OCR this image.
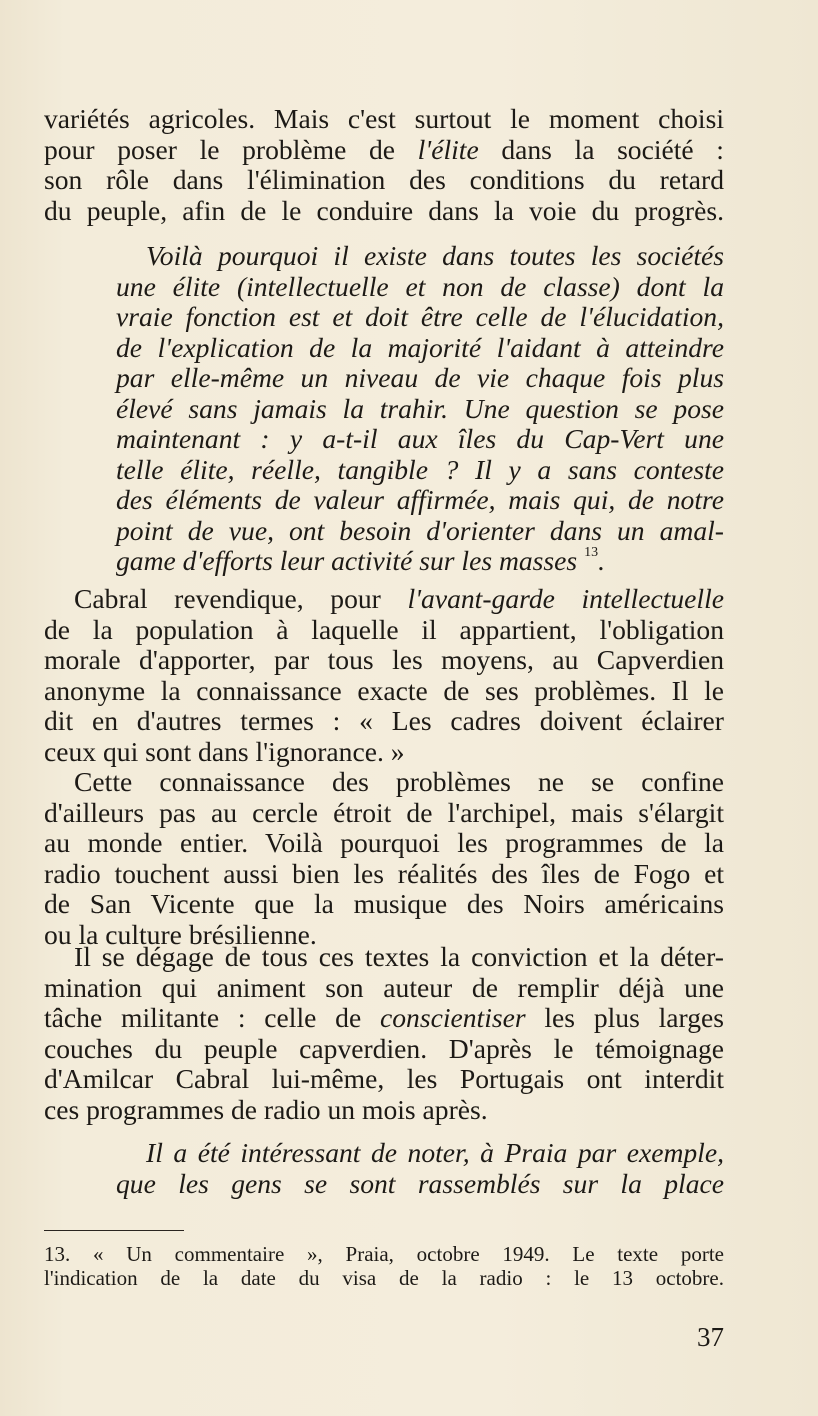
variétés agricoles. Mais c'est surtout le moment choisi
pour poser le problème de l'élite dans la société :
son rôle dans l'élimination des conditions du retard
du peuple, afin de le conduire dans la voie du progrès.
Voilà pourquoi il existe dans toutes les sociétés
une élite (intellectuelle et non de classe) dont la
vraie fonction est et doit être celle de l'élucidation,
de l'explication de la majorité l'aidant à atteindre
par elle-même un niveau de vie chaque fois plus
élevé sans jamais la trahir. Une question se pose
maintenant : y a-t-il aux îles du Cap-Vert une
telle élite, réelle, tangible ? Il y a sans conteste
des éléments de valeur affirmée, mais qui, de notre
point de vue, ont besoin d'orienter dans un amal-
game d'efforts leur activité sur les masses $^{13}$.
Cabral revendique, pour l'avant-garde intellectuelle
de la population à laquelle il appartient, l'obligation
morale d'apporter, par tous les moyens, au Capverdien
anonyme la connaissance exacte de ses problèmes. Il le
dit en d'autres termes : « Les cadres doivent éclairer
ceux qui sont dans l'ignorance. »
Cette connaissance des problèmes ne se confine
d'ailleurs pas au cercle étroit de l'archipel, mais s'élargit
au monde entier. Voilà pourquoi les programmes de la
radio touchent aussi bien les réalités des îles de Fogo et
de San Vicente que la musique des Noirs américains
ou la culture brésilienne.
Il se dégage de tous ces textes la conviction et la déter-
mination qui animent son auteur de remplir déjà une
tâche militante : celle de conscientiser les plus larges
couches du peuple capverdien. D'après le témoignage
d'Amilcar Cabral lui-même, les Portugais ont interdit
ces programmes de radio un mois après.
Il a été intéressant de noter, à Praia par exemple,
que les gens se sont rassemblés sur la place
13. « Un commentaire », Praia, octobre 1949. Le texte porte
l'indication de la date du visa de la radio : le 13 octobre.
37
